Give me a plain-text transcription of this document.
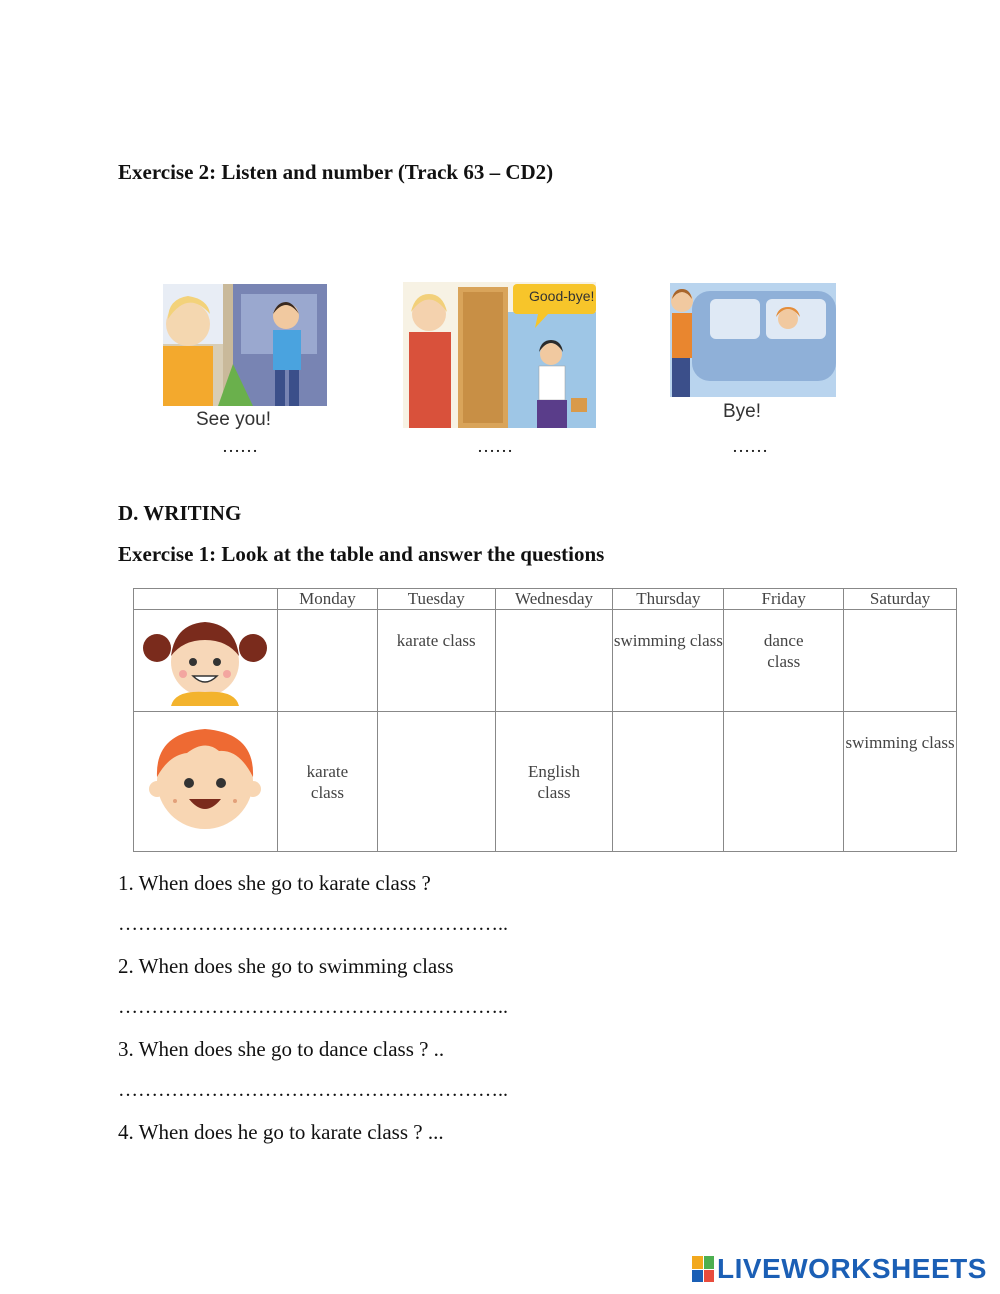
Exercise 2: Listen and number (Track 63 – CD2)
See you!
……
Good-bye!
……
Bye!
……
D. WRITING
Exercise 1: Look at the table and answer the questions
	Monday	Tuesday	Wednesday	Thursday	Friday	Saturday
		karate class		swimming class	dance class	
	karate class		English class			swimming class
1. When does she go to karate class ?
…………………………………………………..
2. When does she go to swimming class
…………………………………………………..
3. When does she go to dance class ? ..
…………………………………………………..
4. When does he go to karate class ? ...
LIVEWORKSHEETS
